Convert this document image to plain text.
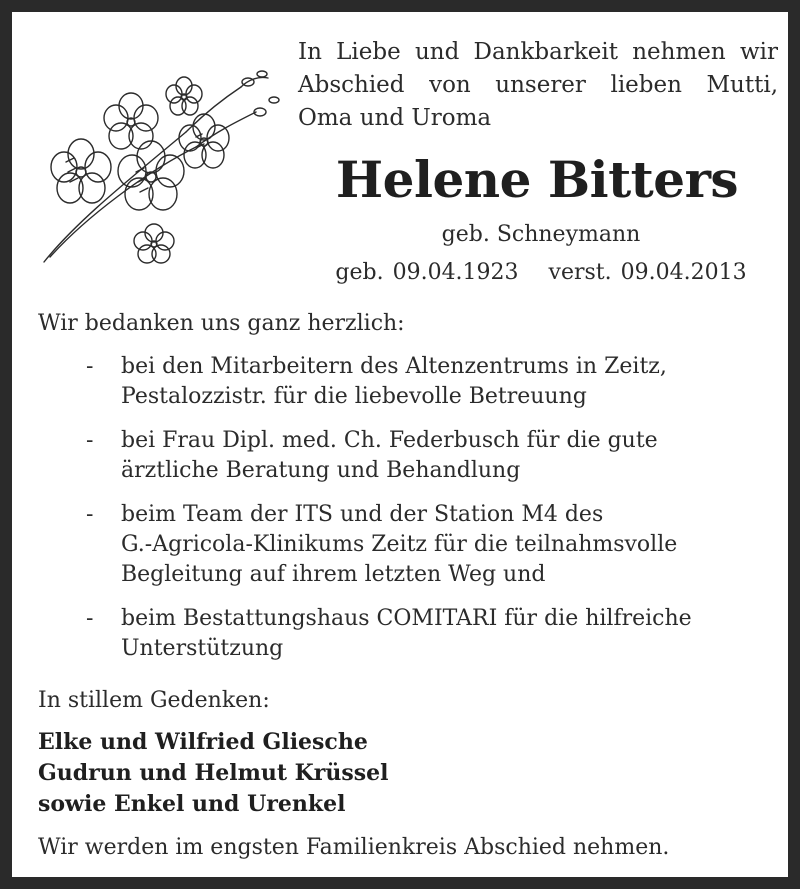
In Liebe und Dankbarkeit nehmen wir
Abschied von unserer lieben Mutti,
Oma und Uroma
Helene Bitters
geb. Schneymann
geb. 09.04.1923 verst. 09.04.2013
Wir bedanken uns ganz herzlich:
- bei den Mitarbeitern des Altenzentrums in Zeitz,
Pestalozzistr. für die liebevolle Betreuung
- bei Frau Dipl. med. Ch. Federbusch für die gute
ärztliche Beratung und Behandlung
- beim Team der ITS und der Station M4 des
G.-Agricola-Klinikums Zeitz für die teilnahmsvolle
Begleitung auf ihrem letzten Weg und
- beim Bestattungshaus COMITARI für die hilfreiche
Unterstützung
In stillem Gedenken:
Elke und Wilfried Gliesche
Gudrun und Helmut Krüssel
sowie Enkel und Urenkel
Wir werden im engsten Familienkreis Abschied nehmen.
